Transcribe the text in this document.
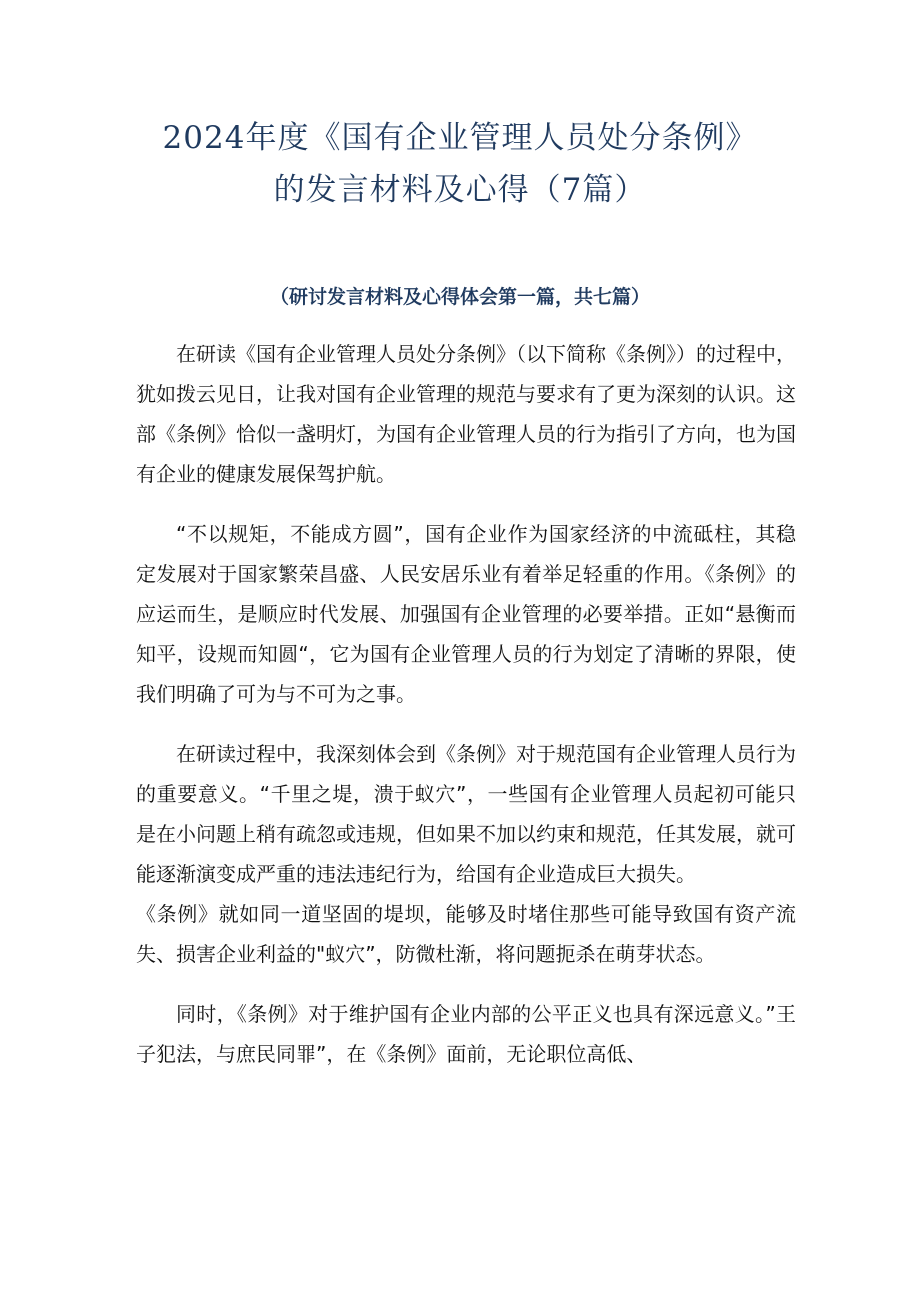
2024年度《国有企业管理人员处分条例》
的发言材料及心得（7篇）
（研讨发言材料及心得体会第一篇，共七篇）

在研读《国有企业管理人员处分条例》（以下简称《条例》）的过程中，犹如拨云见日，让我对国有企业管理的规范与要求有了更为深刻的认识。这部《条例》恰似一盏明灯，为国有企业管理人员的行为指引了方向，也为国有企业的健康发展保驾护航。

“不以规矩，不能成方圆”，国有企业作为国家经济的中流砥柱，其稳定发展对于国家繁荣昌盛、人民安居乐业有着举足轻重的作用。《条例》的应运而生，是顺应时代发展、加强国有企业管理的必要举措。正如“悬衡而知平，设规而知圆“，它为国有企业管理人员的行为划定了清晰的界限，使我们明确了可为与不可为之事。

在研读过程中，我深刻体会到《条例》对于规范国有企业管理人员行为的重要意义。“千里之堤，溃于蚁穴”，一些国有企业管理人员起初可能只是在小问题上稍有疏忽或违规，但如果不加以约束和规范，任其发展，就可能逐渐演变成严重的违法违纪行为，给国有企业造成巨大损失。

《条例》就如同一道坚固的堤坝，能够及时堵住那些可能导致国有资产流失、损害企业利益的"蚁穴”，防微杜渐，将问题扼杀在萌芽状态。

同时，《条例》对于维护国有企业内部的公平正义也具有深远意义。”王子犯法，与庶民同罪”，在《条例》面前，无论职位高低、
